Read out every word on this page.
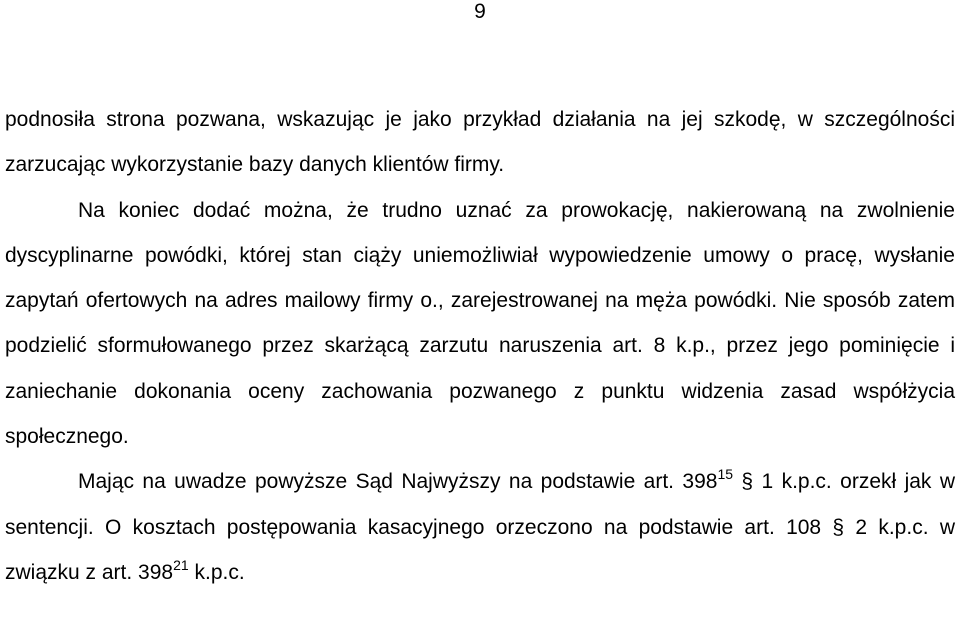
9

podnosiła strona pozwana, wskazując je jako przykład działania na jej szkodę, w szczególności zarzucając wykorzystanie bazy danych klientów firmy.

Na koniec dodać można, że trudno uznać za prowokację, nakierowaną na zwolnienie dyscyplinarne powódki, której stan ciąży uniemożliwiał wypowiedzenie umowy o pracę, wysłanie zapytań ofertowych na adres mailowy firmy o., zarejestrowanej na męża powódki. Nie sposób zatem podzielić sformułowanego przez skarżącą zarzutu naruszenia art. 8 k.p., przez jego pominięcie i zaniechanie dokonania oceny zachowania pozwanego z punktu widzenia zasad współżycia społecznego.

Mając na uwadze powyższe Sąd Najwyższy na podstawie art. $398^{15}$ § 1 k.p.c. orzekł jak w sentencji. O kosztach postępowania kasacyjnego orzeczono na podstawie art. 108 § 2 k.p.c. w związku z art. $398^{21}$ k.p.c.
